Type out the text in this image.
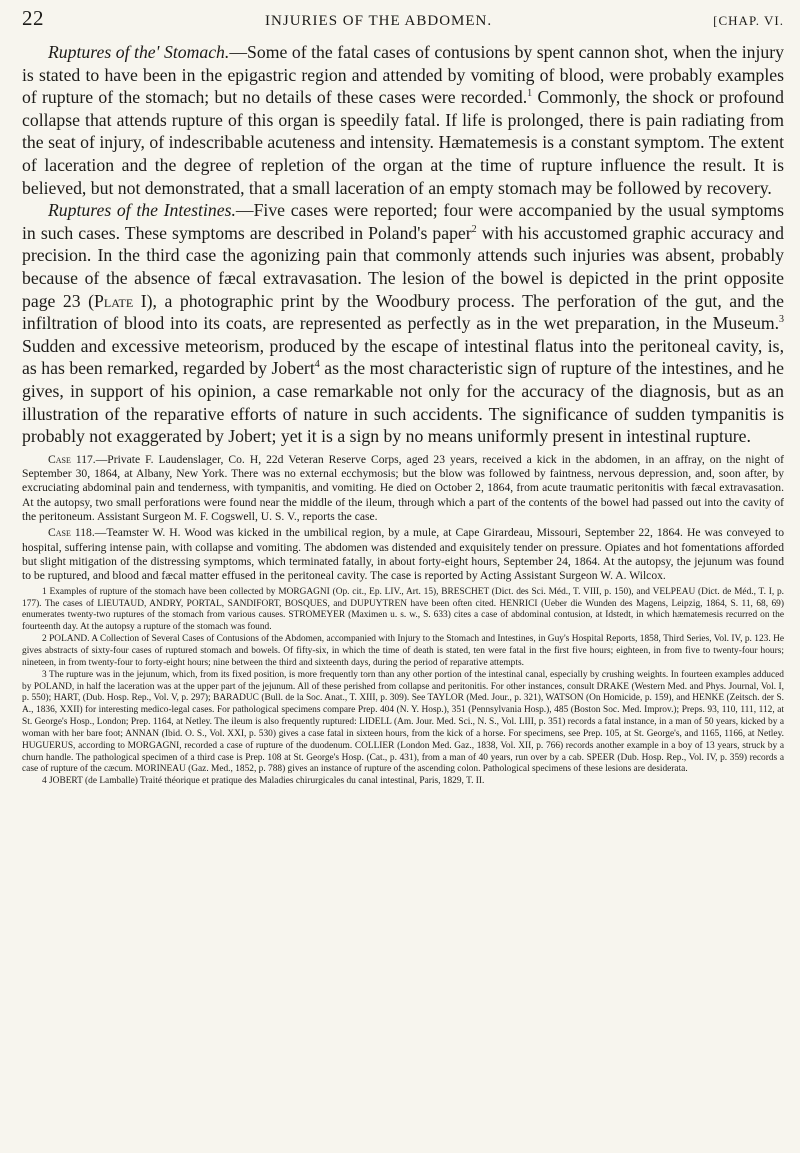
22	INJURIES OF THE ABDOMEN.	[CHAP. VI.

Ruptures of the' Stomach.—Some of the fatal cases of contusions by spent cannon shot, when the injury is stated to have been in the epigastric region and attended by vomiting of blood, were probably examples of rupture of the stomach; but no details of these cases were recorded.$^1$ Commonly, the shock or profound collapse that attends rupture of this organ is speedily fatal. If life is prolonged, there is pain radiating from the seat of injury, of indescribable acuteness and intensity. Hæmatemesis is a constant symptom. The extent of laceration and the degree of repletion of the organ at the time of rupture influence the result. It is believed, but not demonstrated, that a small laceration of an empty stomach may be followed by recovery.

Ruptures of the Intestines.—Five cases were reported; four were accompanied by the usual symptoms in such cases. These symptoms are described in Poland's paper$^2$ with his accustomed graphic accuracy and precision. In the third case the agonizing pain that commonly attends such injuries was absent, probably because of the absence of fæcal extravasation. The lesion of the bowel is depicted in the print opposite page 23 (Plate I), a photographic print by the Woodbury process. The perforation of the gut, and the infiltration of blood into its coats, are represented as perfectly as in the wet preparation, in the Museum.$^3$ Sudden and excessive meteorism, produced by the escape of intestinal flatus into the peritoneal cavity, is, as has been remarked, regarded by Jobert$^4$ as the most characteristic sign of rupture of the intestines, and he gives, in support of his opinion, a case remarkable not only for the accuracy of the diagnosis, but as an illustration of the reparative efforts of nature in such accidents. The significance of sudden tympanitis is probably not exaggerated by Jobert; yet it is a sign by no means uniformly present in intestinal rupture.

Case 117.—Private F. Laudenslager, Co. H, 22d Veteran Reserve Corps, aged 23 years, received a kick in the abdomen, in an affray, on the night of September 30, 1864, at Albany, New York. There was no external ecchymosis; but the blow was followed by faintness, nervous depression, and, soon after, by excruciating abdominal pain and tenderness, with tympanitis, and vomiting. He died on October 2, 1864, from acute traumatic peritonitis with fæcal extravasation. At the autopsy, two small perforations were found near the middle of the ileum, through which a part of the contents of the bowel had passed out into the cavity of the peritoneum. Assistant Surgeon M. F. Cogswell, U. S. V., reports the case.

Case 118.—Teamster W. H. Wood was kicked in the umbilical region, by a mule, at Cape Girardeau, Missouri, September 22, 1864. He was conveyed to hospital, suffering intense pain, with collapse and vomiting. The abdomen was distended and exquisitely tender on pressure. Opiates and hot fomentations afforded but slight mitigation of the distressing symptoms, which terminated fatally, in about forty-eight hours, September 24, 1864. At the autopsy, the jejunum was found to be ruptured, and blood and fæcal matter effused in the peritoneal cavity. The case is reported by Acting Assistant Surgeon W. A. Wilcox.

1 Examples of rupture of the stomach have been collected by MORGAGNI (Op. cit., Ep. LIV., Art. 15), BRESCHET (Dict. des Sci. Méd., T. VIII, p. 150), and VELPEAU (Dict. de Méd., T. I, p. 177). The cases of LIEUTAUD, ANDRY, PORTAL, SANDIFORT, BOSQUES, and DUPUYTREN have been often cited. HENRICI (Ueber die Wunden des Magens, Leipzig, 1864, S. 11, 68, 69) enumerates twenty-two ruptures of the stomach from various causes. STROMEYER (Maximen u. s. w., S. 633) cites a case of abdominal contusion, at Idstedt, in which hæmatemesis recurred on the fourteenth day. At the autopsy a rupture of the stomach was found.

2 POLAND. A Collection of Several Cases of Contusions of the Abdomen, accompanied with Injury to the Stomach and Intestines, in Guy's Hospital Reports, 1858, Third Series, Vol. IV, p. 123. He gives abstracts of sixty-four cases of ruptured stomach and bowels. Of fifty-six, in which the time of death is stated, ten were fatal in the first five hours; eighteen, in from five to twenty-four hours; nineteen, in from twenty-four to forty-eight hours; nine between the third and sixteenth days, during the period of reparative attempts.

3 The rupture was in the jejunum, which, from its fixed position, is more frequently torn than any other portion of the intestinal canal, especially by crushing weights. In fourteen examples adduced by POLAND, in half the laceration was at the upper part of the jejunum. All of these perished from collapse and peritonitis. For other instances, consult DRAKE (Western Med. and Phys. Journal, Vol. I, p. 550); HART, (Dub. Hosp. Rep., Vol. V, p. 297); BARADUC (Bull. de la Soc. Anat., T. XIII, p. 309). See TAYLOR (Med. Jour., p. 321), WATSON (On Homicide, p. 159), and HENKE (Zeitsch. der S. A., 1836, XXII) for interesting medico-legal cases. For pathological specimens compare Prep. 404 (N. Y. Hosp.), 351 (Pennsylvania Hosp.), 485 (Boston Soc. Med. Improv.); Preps. 93, 110, 111, 112, at St. George's Hosp., London; Prep. 1164, at Netley. The ileum is also frequently ruptured: LIDELL (Am. Jour. Med. Sci., N. S., Vol. LIII, p. 351) records a fatal instance, in a man of 50 years, kicked by a woman with her bare foot; ANNAN (Ibid. O. S., Vol. XXI, p. 530) gives a case fatal in sixteen hours, from the kick of a horse. For specimens, see Prep. 105, at St. George's, and 1165, 1166, at Netley. HUGUERUS, according to MORGAGNI, recorded a case of rupture of the duodenum. COLLIER (London Med. Gaz., 1838, Vol. XII, p. 766) records another example in a boy of 13 years, struck by a churn handle. The pathological specimen of a third case is Prep. 108 at St. George's Hosp. (Cat., p. 431), from a man of 40 years, run over by a cab. SPEER (Dub. Hosp. Rep., Vol. IV, p. 359) records a case of rupture of the cæcum. MORINEAU (Gaz. Med., 1852, p. 788) gives an instance of rupture of the ascending colon. Pathological specimens of these lesions are desiderata.

4 JOBERT (de Lamballe) Traité théorique et pratique des Maladies chirurgicales du canal intestinal, Paris, 1829, T. II.
